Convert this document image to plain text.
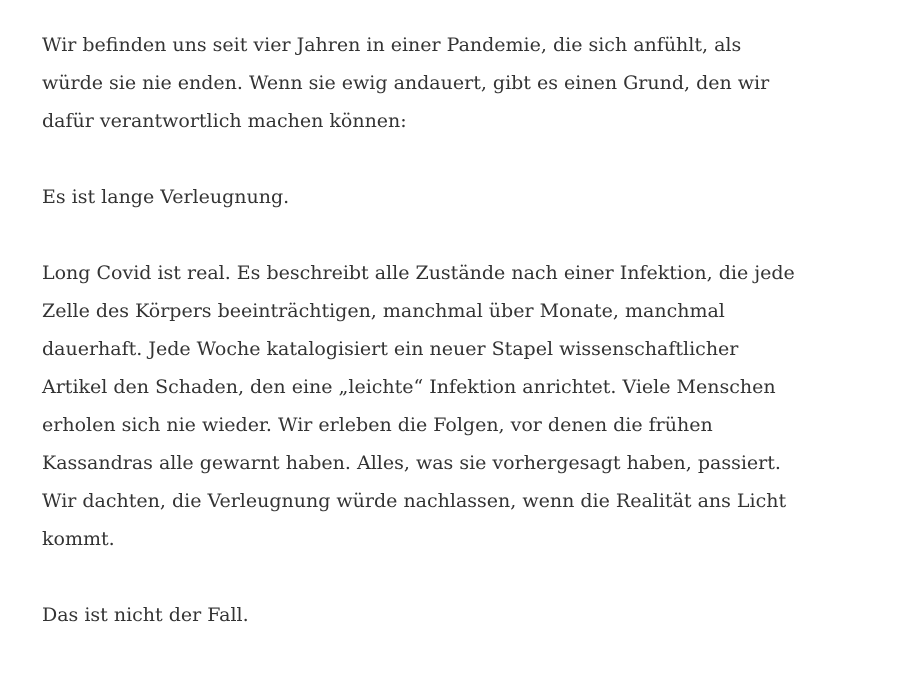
Wir befinden uns seit vier Jahren in einer Pandemie, die sich anfühlt, als
würde sie nie enden. Wenn sie ewig andauert, gibt es einen Grund, den wir
dafür verantwortlich machen können:

Es ist lange Verleugnung.

Long Covid ist real. Es beschreibt alle Zustände nach einer Infektion, die jede
Zelle des Körpers beeinträchtigen, manchmal über Monate, manchmal
dauerhaft. Jede Woche katalogisiert ein neuer Stapel wissenschaftlicher
Artikel den Schaden, den eine „leichte“ Infektion anrichtet. Viele Menschen
erholen sich nie wieder. Wir erleben die Folgen, vor denen die frühen
Kassandras alle gewarnt haben. Alles, was sie vorhergesagt haben, passiert.
Wir dachten, die Verleugnung würde nachlassen, wenn die Realität ans Licht
kommt.

Das ist nicht der Fall.
